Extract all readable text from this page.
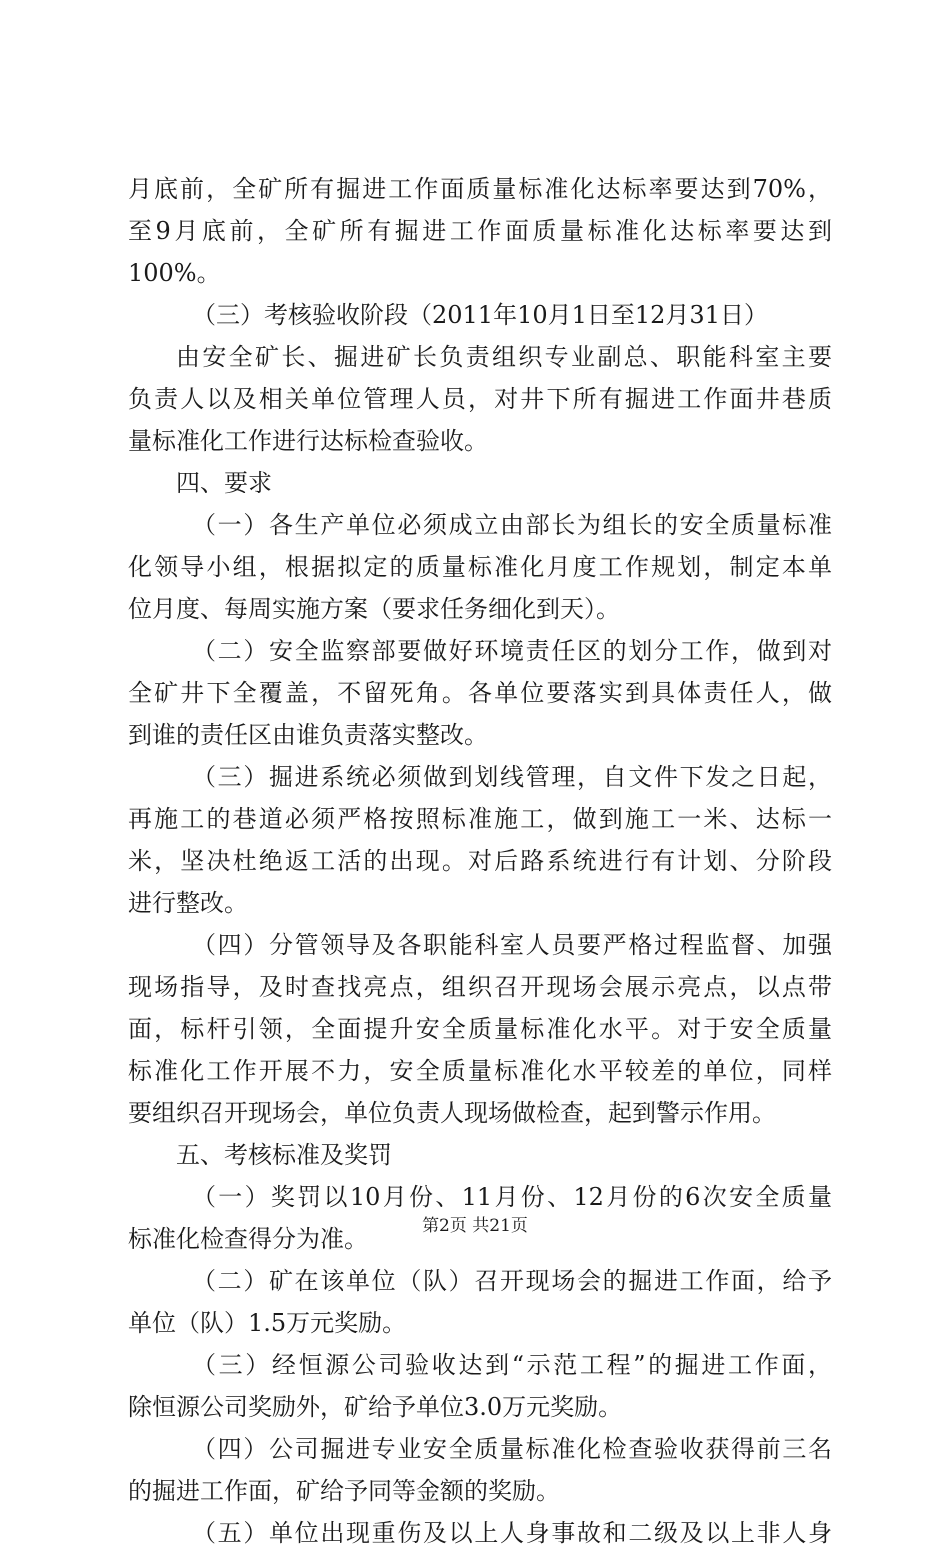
月底前，全矿所有掘进工作面质量标准化达标率要达到70%，
至9月底前，全矿所有掘进工作面质量标准化达标率要达到
100%。
（三）考核验收阶段（2011年10月1日至12月31日）
由安全矿长、掘进矿长负责组织专业副总、职能科室主要
负责人以及相关单位管理人员，对井下所有掘进工作面井巷质
量标准化工作进行达标检查验收。
四、要求
（一）各生产单位必须成立由部长为组长的安全质量标准
化领导小组，根据拟定的质量标准化月度工作规划，制定本单
位月度、每周实施方案（要求任务细化到天）。
（二）安全监察部要做好环境责任区的划分工作，做到对
全矿井下全覆盖，不留死角。各单位要落实到具体责任人，做
到谁的责任区由谁负责落实整改。
（三）掘进系统必须做到划线管理，自文件下发之日起，
再施工的巷道必须严格按照标准施工，做到施工一米、达标一
米，坚决杜绝返工活的出现。对后路系统进行有计划、分阶段
进行整改。
（四）分管领导及各职能科室人员要严格过程监督、加强
现场指导，及时查找亮点，组织召开现场会展示亮点，以点带
面，标杆引领，全面提升安全质量标准化水平。对于安全质量
标准化工作开展不力，安全质量标准化水平较差的单位，同样
要组织召开现场会，单位负责人现场做检查，起到警示作用。
五、考核标准及奖罚
（一）奖罚以10月份、11月份、12月份的6次安全质量
标准化检查得分为准。
（二）矿在该单位（队）召开现场会的掘进工作面，给予
单位（队）1.5万元奖励。
（三）经恒源公司验收达到“示范工程”的掘进工作面，
除恒源公司奖励外，矿给予单位3.0万元奖励。
（四）公司掘进专业安全质量标准化检查验收获得前三名
的掘进工作面，矿给予同等金额的奖励。
（五）单位出现重伤及以上人身事故和二级及以上非人身
第2页 共21页
